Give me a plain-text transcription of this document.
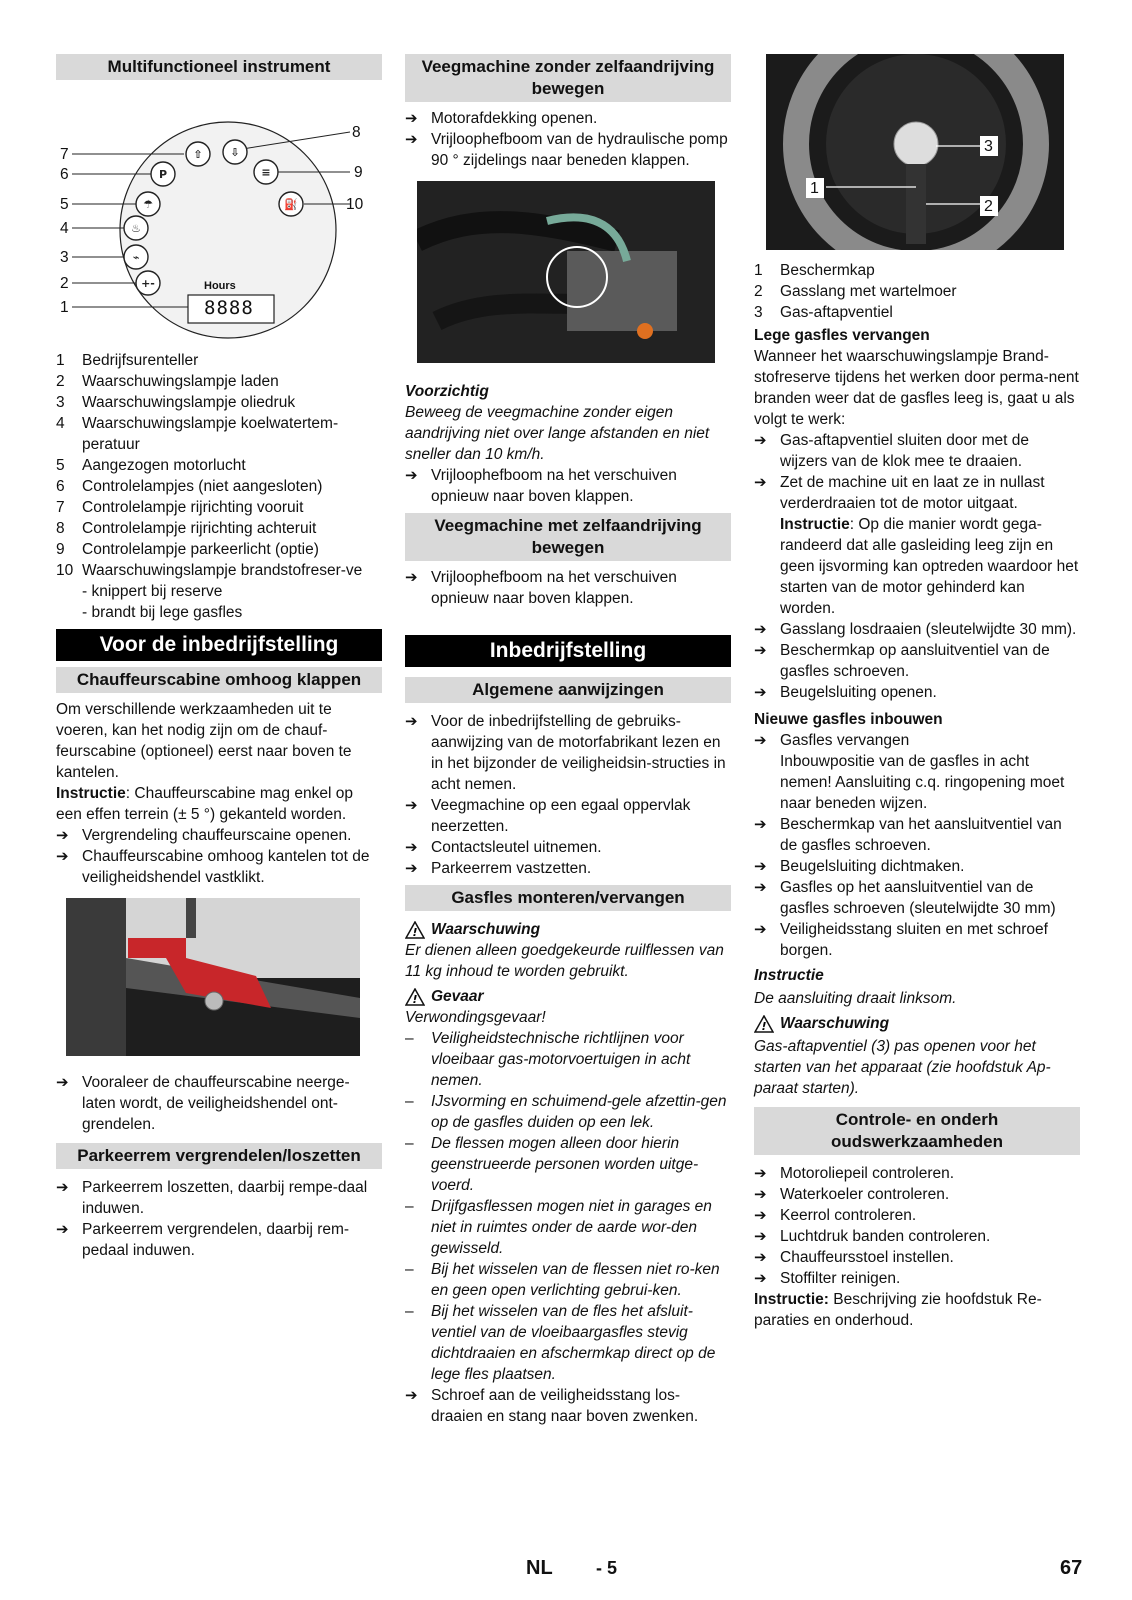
Multifunctioneel instrument
⇧	⇩
≡
P
☂	⛽
♨
⌁
+-	Hours
8888
7
6
5
4
3
2
1
8
9
10
1	Bedrijfsurenteller
2	Waarschuwingslampje laden
3	Waarschuwingslampje oliedruk
4	Waarschuwingslampje koelwatertem-peratuur
5	Aangezogen motorlucht
6	Controlelampjes (niet aangesloten)
7	Controlelampje rijrichting vooruit
8	Controlelampje rijrichting achteruit
9	Controlelampje parkeerlicht (optie)
10 Waarschuwingslampje brandstofreser-ve
- knippert bij reserve
- brandt bij lege gasfles
Voor de inbedrijfstelling
Chauffeurscabine omhoog klappen

Om verschillende werkzaamheden uit te voeren, kan het nodig zijn om de chauf-feurscabine (optioneel) eerst naar boven te kantelen.

Instructie: Chauffeurscabine mag enkel op een effen terrein (± 5 °) gekanteld worden.

➔ Vergrendeling chauffeurscaine openen.
➔ Chauffeurscabine omhoog kantelen tot de veiligheidshendel vastklikt.
➔ Vooraleer de chauffeurscabine neerge-laten wordt, de veiligheidshendel ont-grendelen.
Parkeerrem vergrendelen/loszetten
➔ Parkeerrem loszetten, daarbij rempe-daal induwen.
➔ Parkeerrem vergrendelen, daarbij rem-pedaal induwen.
Veegmachine zonder zelfaandrijving bewegen
➔ Motorafdekking openen.
➔ Vrijloophefboom van de hydraulische pomp 90 ° zijdelings naar beneden klappen.
Voorzichtig

Beweeg de veegmachine zonder eigen aandrijving niet over lange afstanden en niet sneller dan 10 km/h.

➔ Vrijloophefboom na het verschuiven opnieuw naar boven klappen.
Veegmachine met zelfaandrijving bewegen
➔ Vrijloophefboom na het verschuiven opnieuw naar boven klappen.
Inbedrijfstelling
Algemene aanwijzingen
➔ Voor de inbedrijfstelling de gebruiks-aanwijzing van de motorfabrikant lezen en in het bijzonder de veiligheidsin-structies in acht nemen.
➔ Veegmachine op een egaal oppervlak neerzetten.
➔ Contactsleutel uitnemen.
➔ Parkeerrem vastzetten.
Gasfles monteren/vervangen
! Waarschuwing

Er dienen alleen goedgekeurde ruilflessen van 11 kg inhoud te worden gebruikt.

! Gevaar

Verwondingsgevaar!

–	Veiligheidstechnische richtlijnen voor vloeibaar gas-motorvoertuigen in acht nemen.
–	IJsvorming en schuimend-gele afzettin-gen op de gasfles duiden op een lek.
–	De flessen mogen alleen door hierin geenstrueerde personen worden uitge-voerd.
–	Drijfgasflessen mogen niet in garages en niet in ruimtes onder de aarde wor-den gewisseld.
–	Bij het wisselen van de flessen niet ro-ken en geen open verlichting gebrui-ken.
–	Bij het wisselen van de fles het afsluit-ventiel van de vloeibaargasfles stevig dichtdraaien en afschermkap direct op de lege fles plaatsen.
➔ Schroef aan de veiligheidsstang los-draaien en stang naar boven zwenken.
1
2
3
1	Beschermkap
2	Gasslang met wartelmoer
3	Gas-aftapventiel
Lege gasfles vervangen

Wanneer het waarschuwingslampje Brand-stofreserve tijdens het werken door perma-nent branden weer dat de gasfles leeg is, gaat u als volgt te werk:

➔ Gas-aftapventiel sluiten door met de wijzers van de klok mee te draaien.
➔ Zet de machine uit en laat ze in nullast verderdraaien tot de motor uitgaat.

Instructie: Op die manier wordt gega-randeerd dat alle gasleiding leeg zijn en geen ijsvorming kan optreden waardoor het starten van de motor gehinderd kan worden.

➔ Gasslang losdraaien (sleutelwijdte 30 mm).
➔ Beschermkap op aansluitventiel van de gasfles schroeven.
➔ Beugelsluiting openen.
Nieuwe gasfles inbouwen
➔ Gasfles vervangen

Inbouwpositie van de gasfles in acht nemen! Aansluiting c.q. ringopening moet naar beneden wijzen.

➔ Beschermkap van het aansluitventiel van de gasfles schroeven.
➔ Beugelsluiting dichtmaken.
➔ Gasfles op het aansluitventiel van de gasfles schroeven (sleutelwijdte 30 mm)
➔ Veiligheidsstang sluiten en met schroef borgen.
Instructie

De aansluiting draait linksom.

! Waarschuwing

Gas-aftapventiel (3) pas openen voor het starten van het apparaat (zie hoofdstuk Ap-paraat starten).

Controle- en onderh oudswerkzaamheden
➔ Motoroliepeil controleren.
➔ Waterkoeler controleren.
➔ Keerrol controleren.
➔ Luchtdruk banden controleren.
➔ Chauffeursstoel instellen.
➔ Stoffilter reinigen.

Instructie: Beschrijving zie hoofdstuk Re-paraties en onderhoud.

NL - 5	67
